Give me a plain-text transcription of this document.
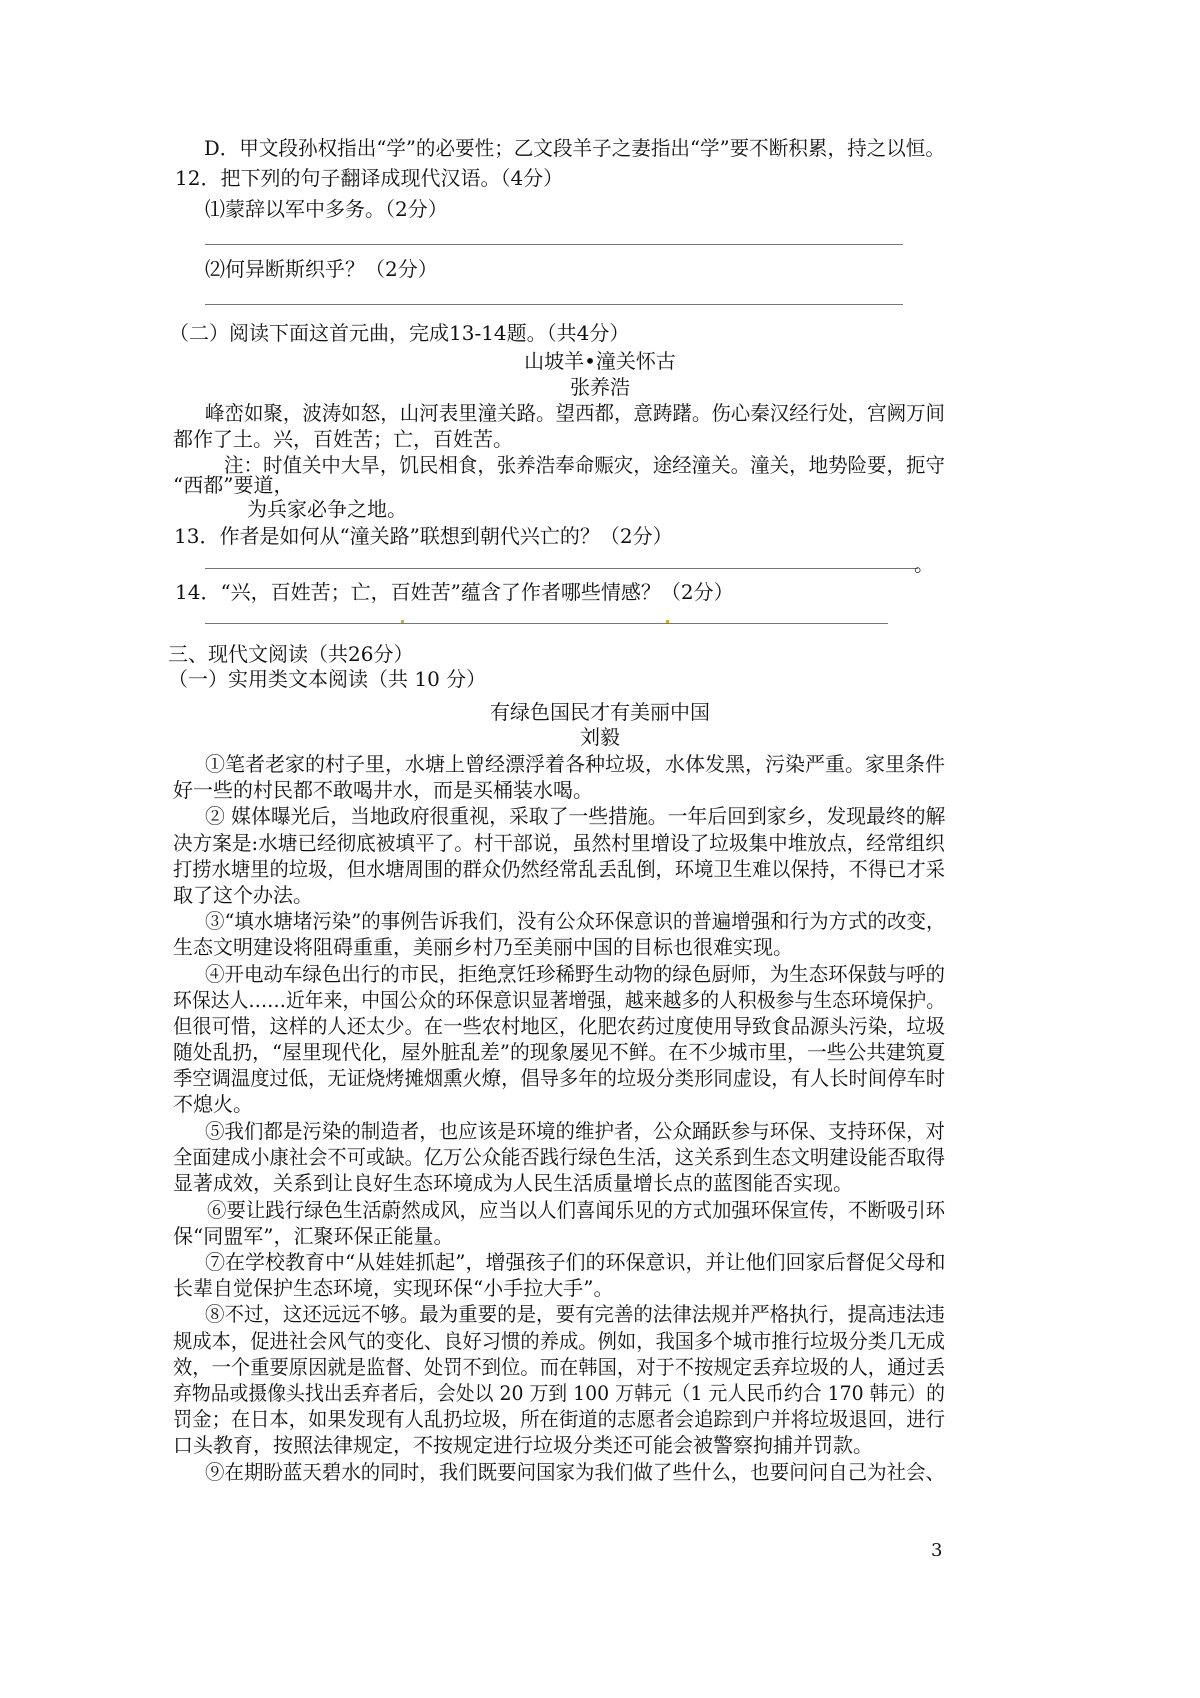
D．甲文段孙权指出“学”的必要性；乙文段羊子之妻指出“学”要不断积累，持之以恒。
12．把下列的句子翻译成现代汉语。（4分）
⑴蒙辞以军中多务。（2分）
⑵何异断斯织乎？（2分）
（二）阅读下面这首元曲，完成13-14题。（共4分）
山坡羊•潼关怀古
张养浩
峰峦如聚，波涛如怒，山河表里潼关路。望西都，意踌躇。伤心秦汉经行处，宫阙万间
都作了土。兴，百姓苦；亡，百姓苦。
注：时值关中大旱，饥民相食，张养浩奉命赈灾，途经潼关。潼关，地势险要，扼守
“西都”要道，
为兵家必争之地。
13．作者是如何从“潼关路”联想到朝代兴亡的？（2分）
。
14．“兴，百姓苦；亡，百姓苦”蕴含了作者哪些情感？（2分）
三、现代文阅读（共26分）
（一）实用类文本阅读（共 10 分）
有绿色国民才有美丽中国
刘毅
①笔者老家的村子里，水塘上曾经漂浮着各种垃圾，水体发黑，污染严重。家里条件
好一些的村民都不敢喝井水，而是买桶装水喝。
② 媒体曝光后，当地政府很重视，采取了一些措施。一年后回到家乡，发现最终的解
决方案是:水塘已经彻底被填平了。村干部说，虽然村里增设了垃圾集中堆放点，经常组织
打捞水塘里的垃圾，但水塘周围的群众仍然经常乱丢乱倒，环境卫生难以保持，不得已才采
取了这个办法。
③“填水塘堵污染”的事例告诉我们，没有公众环保意识的普遍增强和行为方式的改变，
生态文明建设将阻碍重重，美丽乡村乃至美丽中国的目标也很难实现。
④开电动车绿色出行的市民，拒绝烹饪珍稀野生动物的绿色厨师，为生态环保鼓与呼的
环保达人……近年来，中国公众的环保意识显著增强，越来越多的人积极参与生态环境保护。
但很可惜，这样的人还太少。在一些农村地区，化肥农药过度使用导致食品源头污染，垃圾
随处乱扔，“屋里现代化，屋外脏乱差”的现象屡见不鲜。在不少城市里，一些公共建筑夏
季空调温度过低，无证烧烤摊烟熏火燎，倡导多年的垃圾分类形同虚设，有人长时间停车时
不熄火。
⑤我们都是污染的制造者，也应该是环境的维护者，公众踊跃参与环保、支持环保，对
全面建成小康社会不可或缺。亿万公众能否践行绿色生活，这关系到生态文明建设能否取得
显著成效，关系到让良好生态环境成为人民生活质量增长点的蓝图能否实现。
⑥要让践行绿色生活蔚然成风，应当以人们喜闻乐见的方式加强环保宣传，不断吸引环
保“同盟军”，汇聚环保正能量。
⑦在学校教育中“从娃娃抓起”，增强孩子们的环保意识，并让他们回家后督促父母和
长辈自觉保护生态环境，实现环保“小手拉大手”。
⑧不过，这还远远不够。最为重要的是，要有完善的法律法规并严格执行，提高违法违
规成本，促进社会风气的变化、良好习惯的养成。例如，我国多个城市推行垃圾分类几无成
效，一个重要原因就是监督、处罚不到位。而在韩国，对于不按规定丢弃垃圾的人，通过丢
弃物品或摄像头找出丢弃者后，会处以 20 万到 100 万韩元（1 元人民币约合 170 韩元）的
罚金；在日本，如果发现有人乱扔垃圾，所在街道的志愿者会追踪到户并将垃圾退回，进行
口头教育，按照法律规定，不按规定进行垃圾分类还可能会被警察拘捕并罚款。
⑨在期盼蓝天碧水的同时，我们既要问国家为我们做了些什么，也要问问自己为社会、
3
